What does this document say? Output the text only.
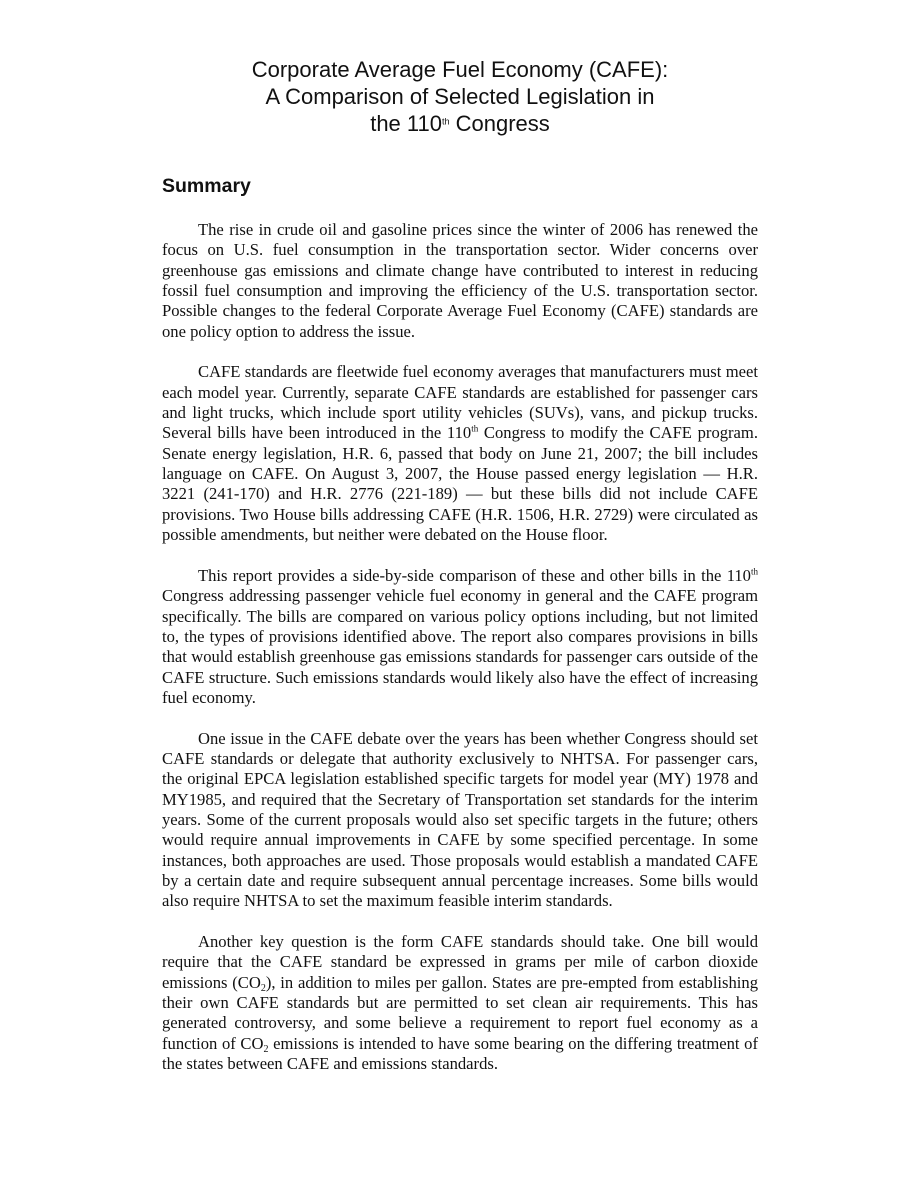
Corporate Average Fuel Economy (CAFE):
A Comparison of Selected Legislation in
the 110th Congress
Summary

The rise in crude oil and gasoline prices since the winter of 2006 has renewed the focus on U.S. fuel consumption in the transportation sector. Wider concerns over greenhouse gas emissions and climate change have contributed to interest in reducing fossil fuel consumption and improving the efficiency of the U.S. transportation sector. Possible changes to the federal Corporate Average Fuel Economy (CAFE) standards are one policy option to address the issue.

CAFE standards are fleetwide fuel economy averages that manufacturers must meet each model year. Currently, separate CAFE standards are established for passenger cars and light trucks, which include sport utility vehicles (SUVs), vans, and pickup trucks. Several bills have been introduced in the 110th Congress to modify the CAFE program. Senate energy legislation, H.R. 6, passed that body on June 21, 2007; the bill includes language on CAFE. On August 3, 2007, the House passed energy legislation — H.R. 3221 (241-170) and H.R. 2776 (221-189) — but these bills did not include CAFE provisions. Two House bills addressing CAFE (H.R. 1506, H.R. 2729) were circulated as possible amendments, but neither were debated on the House floor.

This report provides a side-by-side comparison of these and other bills in the 110th Congress addressing passenger vehicle fuel economy in general and the CAFE program specifically. The bills are compared on various policy options including, but not limited to, the types of provisions identified above. The report also compares provisions in bills that would establish greenhouse gas emissions standards for passenger cars outside of the CAFE structure. Such emissions standards would likely also have the effect of increasing fuel economy.

One issue in the CAFE debate over the years has been whether Congress should set CAFE standards or delegate that authority exclusively to NHTSA. For passenger cars, the original EPCA legislation established specific targets for model year (MY) 1978 and MY1985, and required that the Secretary of Transportation set standards for the interim years. Some of the current proposals would also set specific targets in the future; others would require annual improvements in CAFE by some specified percentage. In some instances, both approaches are used. Those proposals would establish a mandated CAFE by a certain date and require subsequent annual percentage increases. Some bills would also require NHTSA to set the maximum feasible interim standards.

Another key question is the form CAFE standards should take. One bill would require that the CAFE standard be expressed in grams per mile of carbon dioxide emissions $(CO_2)$, in addition to miles per gallon. States are pre-empted from establishing their own CAFE standards but are permitted to set clean air requirements. This has generated controversy, and some believe a requirement to report fuel economy as a function of $CO_2$ emissions is intended to have some bearing on the differing treatment of the states between CAFE and emissions standards.
